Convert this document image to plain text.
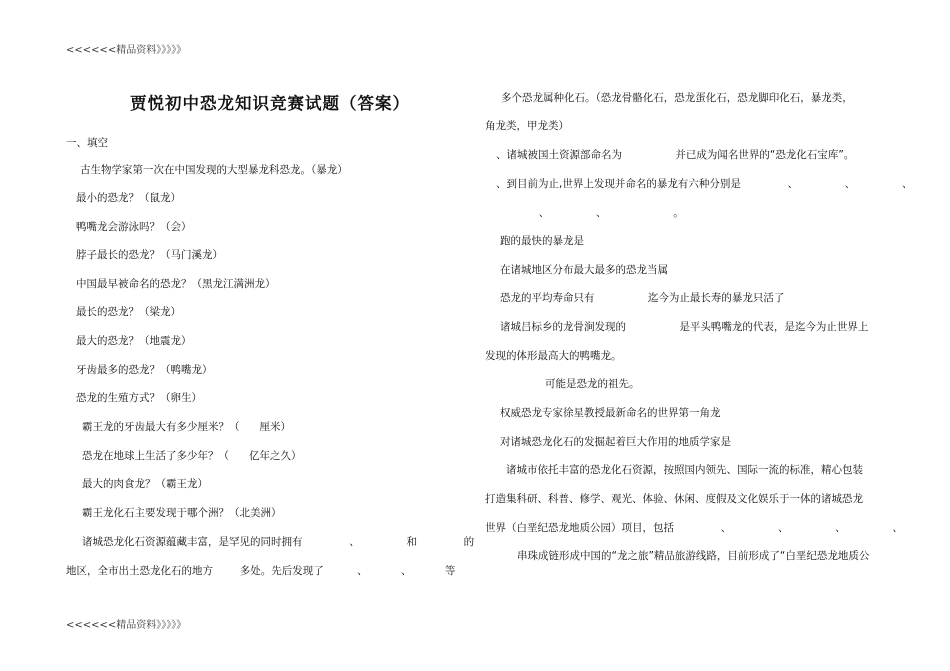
<<<<<<精品资料》》》》》
贾悦初中恐龙知识竞赛试题（答案）
一、填空
古生物学家第一次在中国发现的大型暴龙科恐龙。（暴龙）
最小的恐龙？（鼠龙）
鸭嘴龙会游泳吗？（会）
脖子最长的恐龙？（马门溪龙）
中国最早被命名的恐龙？（黑龙江满洲龙）
最长的恐龙？（梁龙）
最大的恐龙？（地震龙）
牙齿最多的恐龙？（鸭嘴龙）
恐龙的生殖方式？（卵生）
霸王龙的牙齿最大有多少厘米？（      厘米）
恐龙在地球上生活了多少年？（      亿年之久）
最大的肉食龙？（霸王龙）
霸王龙化石主要发现于哪个洲？（北美洲）
诸城恐龙化石资源蕴藏丰富，是罕见的同时拥有              、              和              的
地区，全市出土恐龙化石的地方        多处。先后发现了          、          、          等
多个恐龙属种化石。（恐龙骨骼化石，恐龙蛋化石，恐龙脚印化石，暴龙类，
角龙类，甲龙类）
、诸城被国土资源部命名为                并已成为闻名世界的“恐龙化石宝库”。
、到目前为止,世界上发现并命名的暴龙有六种分别是              、              、              、
、              、                    。
跑的最快的暴龙是
在诸城地区分布最大最多的恐龙当属
恐龙的平均寿命只有                迄今为止最长寿的暴龙只活了
诸城吕标乡的龙骨涧发现的                是平头鸭嘴龙的代表，是迄今为止世界上
发现的体形最高大的鸭嘴龙。
可能是恐龙的祖先。
权威恐龙专家徐星教授最新命名的世界第一角龙
对诸城恐龙化石的发掘起着巨大作用的地质学家是
诸城市依托丰富的恐龙化石资源，按照国内领先、国际一流的标准，精心包装
打造集科研、科普、修学、观光、体验、休闲、度假及文化娱乐于一体的诸城恐龙
世界（白垩纪恐龙地质公园）项目，包括              、              、              、              、
串珠成链形成中国的“龙之旅”精品旅游线路，目前形成了“白垩纪恐龙地质公
<<<<<<精品资料》》》》》
